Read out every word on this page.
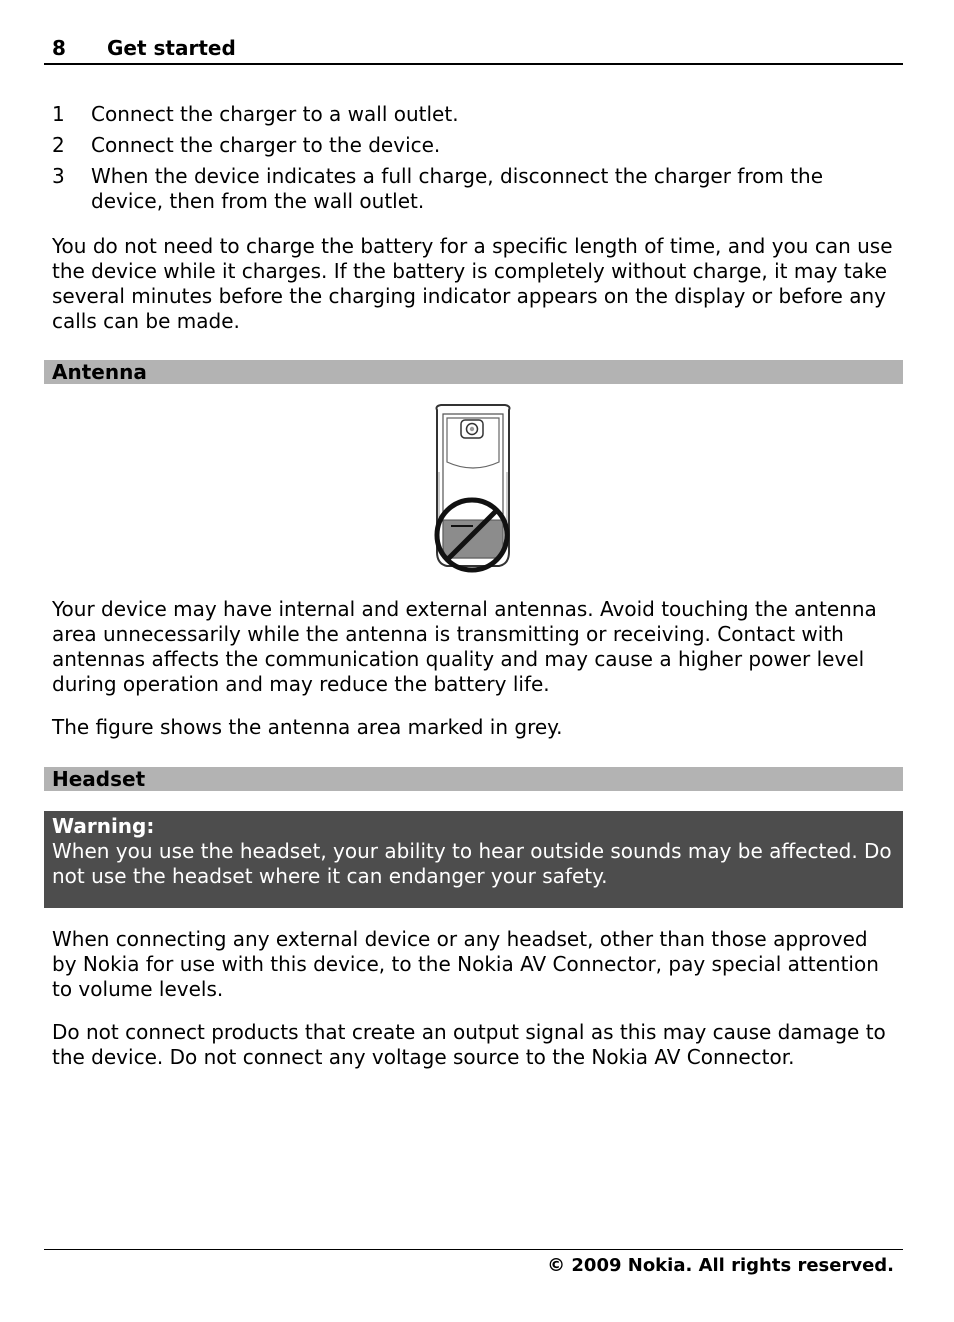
8 Get started
1 Connect the charger to a wall outlet.
2 Connect the charger to the device.
3 When the device indicates a full charge, disconnect the charger from the device, then from the wall outlet.
You do not need to charge the battery for a specific length of time, and you can use the device while it charges. If the battery is completely without charge, it may take several minutes before the charging indicator appears on the display or before any calls can be made.
Antenna
Your device may have internal and external antennas. Avoid touching the antenna area unnecessarily while the antenna is transmitting or receiving. Contact with antennas affects the communication quality and may cause a higher power level during operation and may reduce the battery life.
The figure shows the antenna area marked in grey.
Headset
Warning:
When you use the headset, your ability to hear outside sounds may be affected. Do not use the headset where it can endanger your safety.
When connecting any external device or any headset, other than those approved by Nokia for use with this device, to the Nokia AV Connector, pay special attention to volume levels.
Do not connect products that create an output signal as this may cause damage to the device. Do not connect any voltage source to the Nokia AV Connector.
© 2009 Nokia. All rights reserved.
